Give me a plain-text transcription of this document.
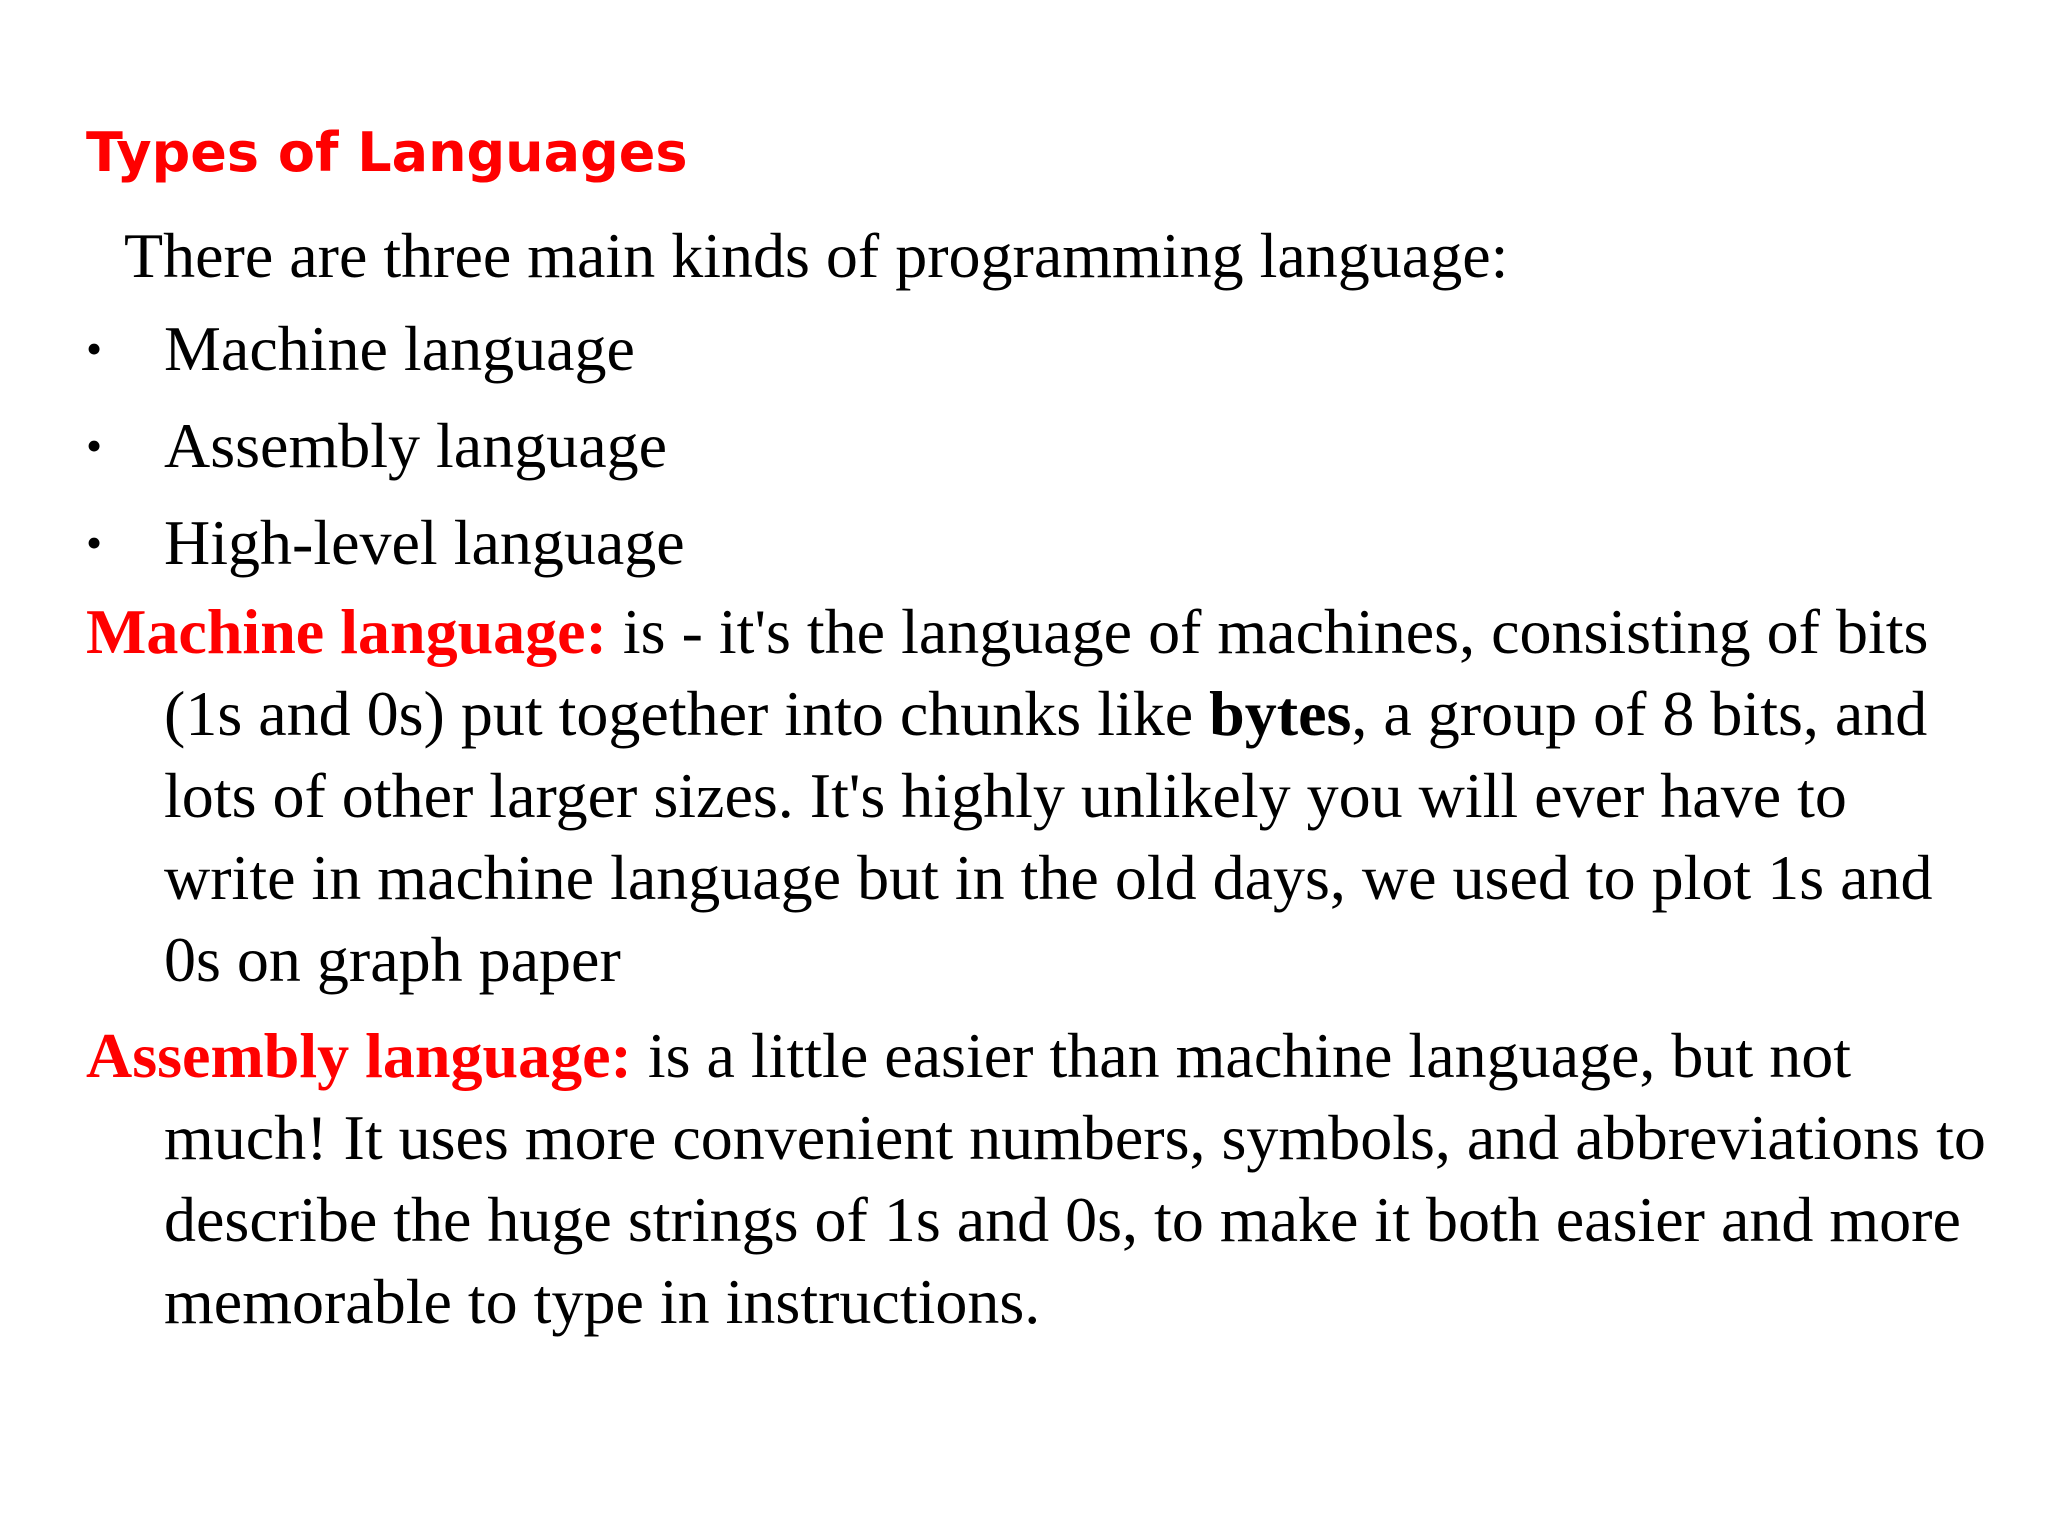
Types of Languages

There are three main kinds of programming language:

• Machine language
• Assembly language
• High-level language

Machine language: is - it's the language of machines, consisting of bits (1s and 0s) put together into chunks like bytes, a group of 8 bits, and lots of other larger sizes. It's highly unlikely you will ever have to write in machine language but in the old days, we used to plot 1s and 0s on graph paper

Assembly language: is a little easier than machine language, but not much! It uses more convenient numbers, symbols, and abbreviations to describe the huge strings of 1s and 0s, to make it both easier and more memorable to type in instructions.
